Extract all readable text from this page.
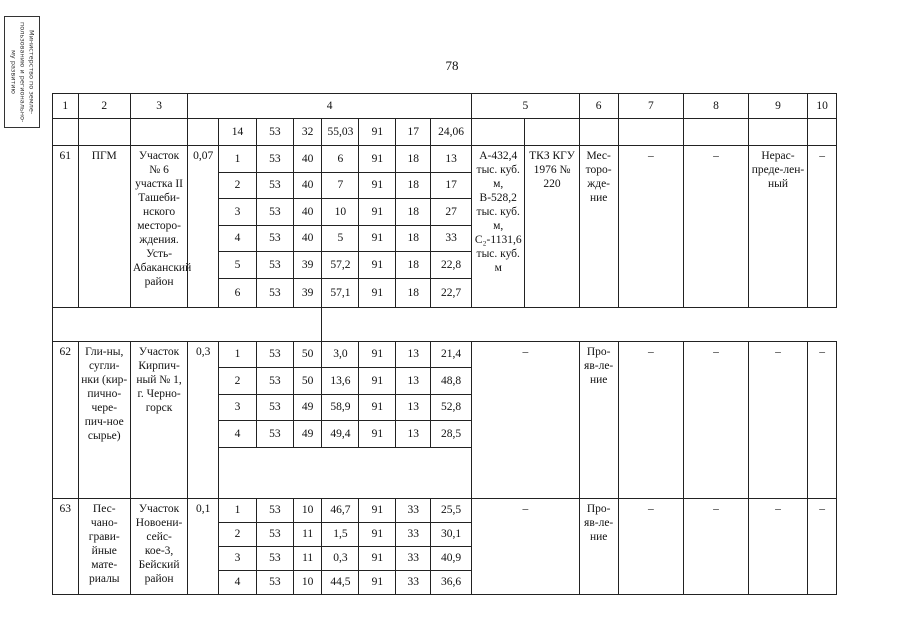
Министерство по земле-
пользованию и регионально-
му развитию	78
1	2	3	4								5		6	7	8	9	10
				14	53	32	55,03	91	17	24,06							
61	ПГМ	Участок № 6 участка II Ташеби-нского месторо-ждения. Усть-Абаканский район	0,07	1	53	40	6	91	18	13	А-432,4 тыс. куб. м, В-528,2 тыс. куб. м, С₂-1131,6 тыс. куб. м	ТКЗ КГУ 1976 № 220	Мес-торо-жде-ние	–	–	Нерас-преде-лен-ный	–
				2	53	40	7	91	18	17							
				3	53	40	10	91	18	27							
				4	53	40	5	91	18	33							
				5	53	39	57,2	91	18	22,8							
				6	53	39	57,1	91	18	22,7							

62	Гли-ны, сугли-нки (кир-пично-чере-пич-ное сырье)	Участок Кирпич-ный № 1, г. Черно-горск	0,3	1	53	50	3,0	91	13	21,4	–		Про-яв-ле-ние	–	–	–	–
				2	53	50	13,6	91	13	48,8							
				3	53	49	58,9	91	13	52,8							
				4	53	49	49,4	91	13	28,5							

63	Пес-чано-грави-йные мате-риалы	Участок Новоени-сейс-кое-3, Бейский район	0,1	1	53	10	46,7	91	33	25,5	–		Про-яв-ле-ние	–	–	–	–
				2	53	11	1,5	91	33	30,1							
				3	53	11	0,3	91	33	40,9							
				4	53	10	44,5	91	33	36,6							
